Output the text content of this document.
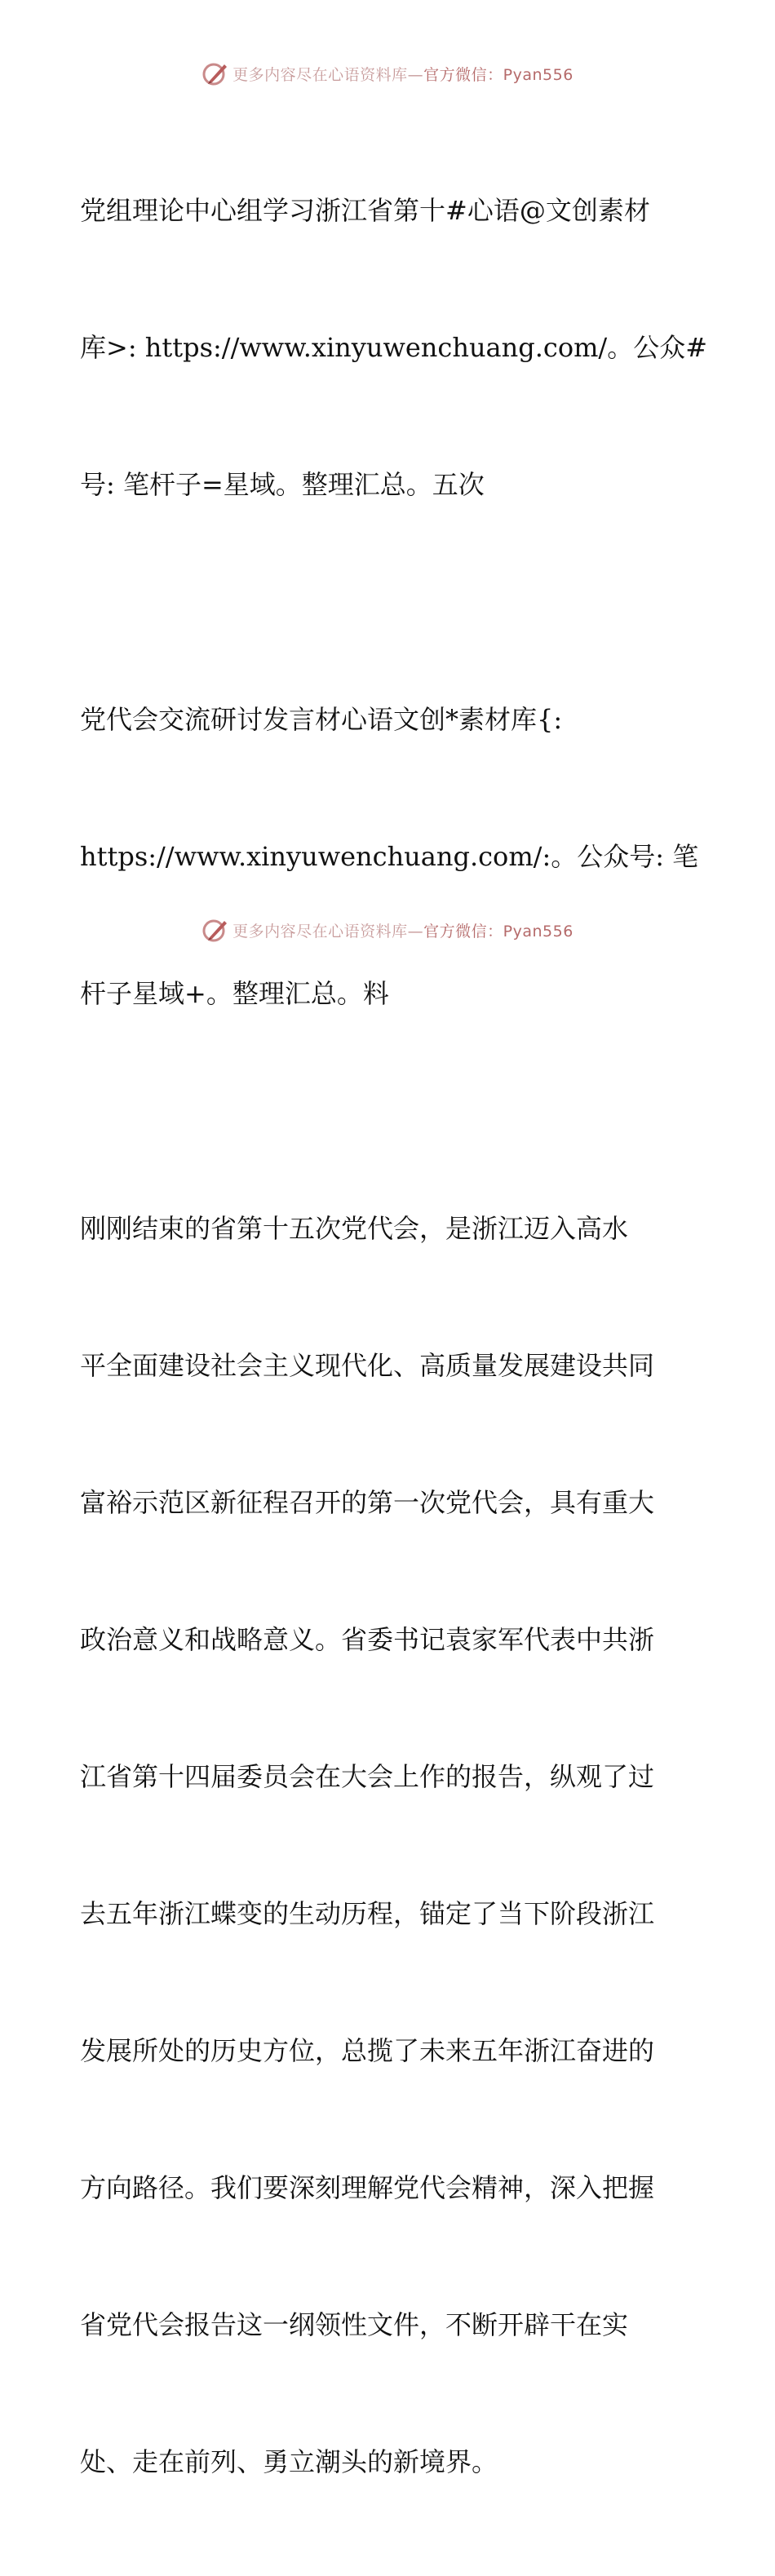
更多内容尽在心语资料库—官方微信：Pyan556

党组理论中心组学习浙江省第十#心语@文创素材

库>: https://www.xinyuwenchuang.com/。公众#

号: 笔杆子=星域。整理汇总。五次

党代会交流研讨发言材心语文创*素材库{:

https://www.xinyuwenchuang.com/:。公众号: 笔

杆子星域+。整理汇总。料

刚刚结束的省第十五次党代会，是浙江迈入高水

平全面建设社会主义现代化、高质量发展建设共同

富裕示范区新征程召开的第一次党代会，具有重大

政治意义和战略意义。省委书记袁家军代表中共浙

江省第十四届委员会在大会上作的报告，纵观了过

去五年浙江蝶变的生动历程，锚定了当下阶段浙江

发展所处的历史方位，总揽了未来五年浙江奋进的

方向路径。我们要深刻理解党代会精神，深入把握

省党代会报告这一纲领性文件，不断开辟干在实

处、走在前列、勇立潮头的新境界。

更多内容尽在心语资料库—官方微信：Pyan556
